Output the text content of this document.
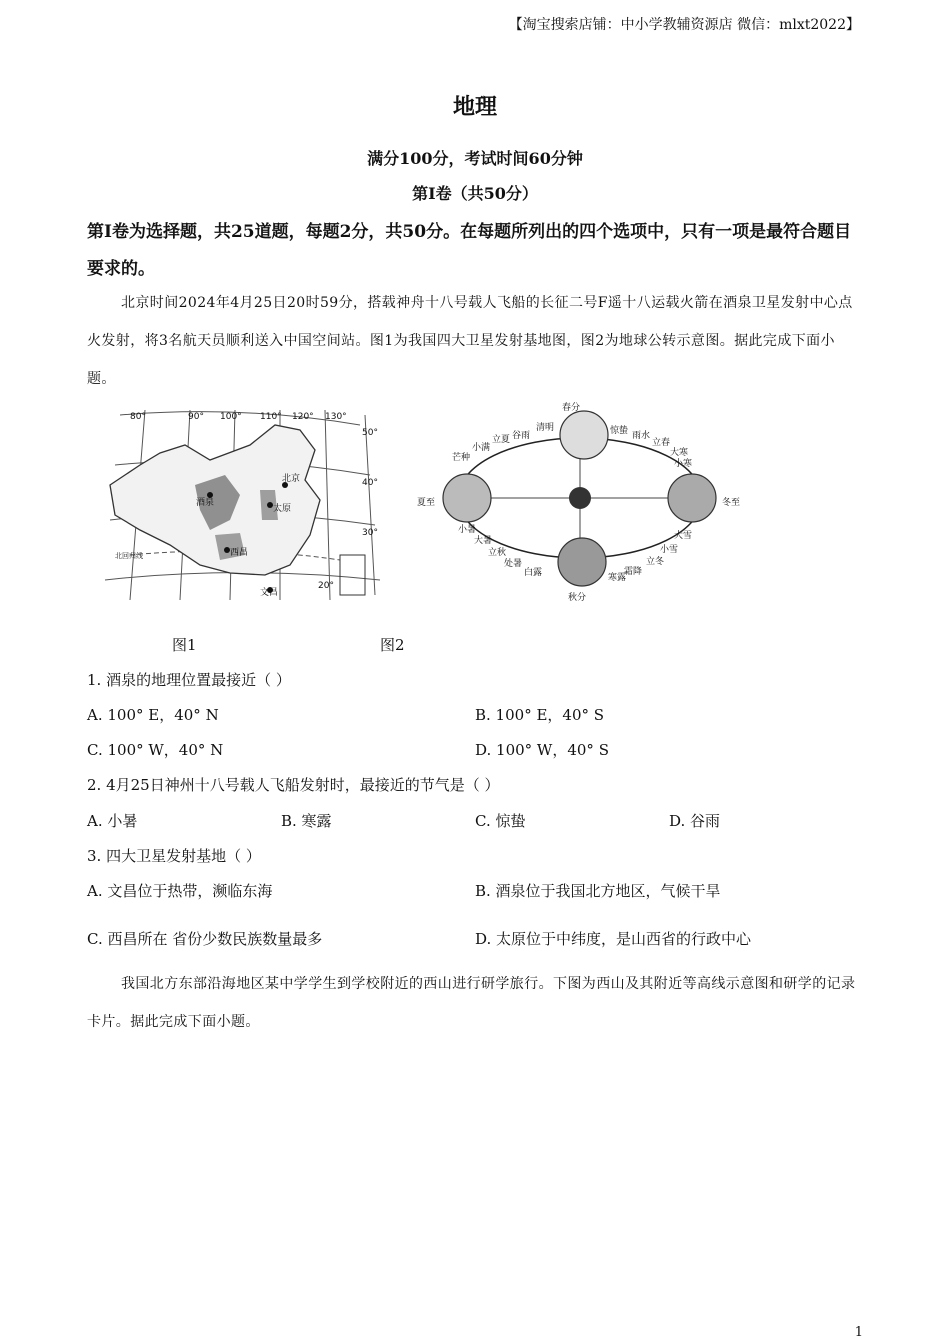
【淘宝搜索店铺：中小学教辅资源店 微信：mlxt2022】
地理
满分100分，考试时间60分钟
第Ⅰ卷（共50分）
第Ⅰ卷为选择题，共25道题，每题2分，共50分。在每题所列出的四个选项中，只有一项是最符合题目要求的。
北京时间2024年4月25日20时59分，搭载神舟十八号载人飞船的长征二号F遥十八运载火箭在酒泉卫星发射中心点火发射，将3名航天员顺利送入中国空间站。图1为我国四大卫星发射基地图，图2为地球公转示意图。据此完成下面小题。
80°	90° 100° 110° 120° 130°
50°
40°
30°
20°
酒泉
太原
北京
西昌
文昌
北回归线
春分
惊蛰 雨水
立春
大寒
小寒
冬至
大雪
小雪
立冬
霜降
寒露
秋分
白露
处暑
立秋
大暑
小暑
夏至
芒种
小满
立夏 谷雨
清明
图1	图2
1. 酒泉的地理位置最接近（ ）
A. 100° E，40° N	B. 100° E，40° S
C. 100° W，40° N	D. 100° W，40° S
2. 4月25日神州十八号载人飞船发射时，最接近的节气是（ ）
A. 小暑	B. 寒露	C. 惊蛰	D. 谷雨
3. 四大卫星发射基地（ ）
A. 文昌位于热带，濒临东海	B. 酒泉位于我国北方地区，气候干旱
C. 西昌所在 省份少数民族数量最多	D. 太原位于中纬度，是山西省的行政中心
我国北方东部沿海地区某中学学生到学校附近的西山进行研学旅行。下图为西山及其附近等高线示意图和研学的记录卡片。据此完成下面小题。
1
